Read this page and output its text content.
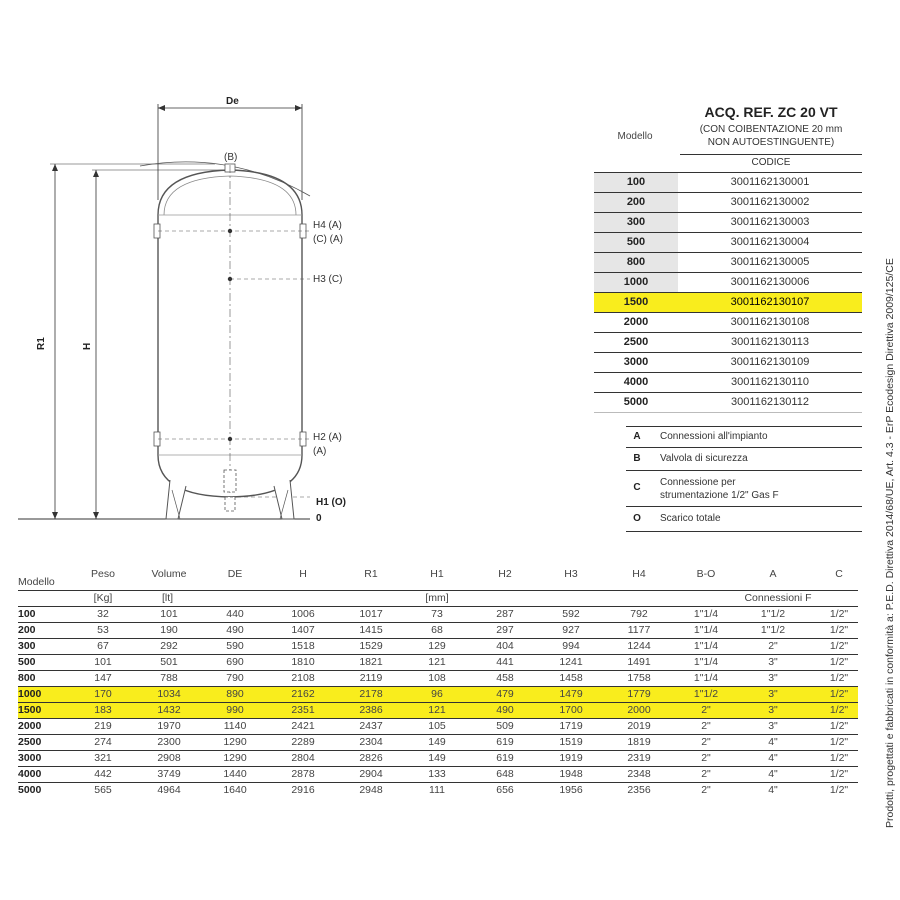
De
R1	H
(B)
H4 (A)
(C) (A)
H3 (C)
H2 (A)
(A)
H1 (O)
0
ACQ. REF. ZC 20 VT
(CON COIBENTAZIONE 20 mm
NON AUTOESTINGUENTE)
Modello
CODICE
100	3001162130001
200	3001162130002
300	3001162130003
500	3001162130004
800	3001162130005
1000	3001162130006
1500	3001162130107
2000	3001162130108
2500	3001162130113
3000	3001162130109
4000	3001162130110
5000	3001162130112
A	Connessioni all'impianto
B	Valvola di sicurezza
C	Connessione per
strumentazione 1/2" Gas F
O	Scarico totale	Prodotti, progettati e fabbricati in conformità a: P.E.D. Direttiva 2014/68/UE, Art. 4.3 - ErP Ecodesign Direttiva 2009/125/CE
Modello
Peso	Volume	DE	H	R1	H1	H2	H3	H4	B-O	A	C
[Kg]	[lt]	[mm]	Connessioni F
100	32	101	440	1006	1017	73	287	592	792	1"1/4	1"1/2	1/2"
200	53	190	490	1407	1415	68	297	927	1177	1"1/4	1"1/2	1/2"
300	67	292	590	1518	1529	129	404	994	1244	1"1/4	2"	1/2"
500	101	501	690	1810	1821	121	441	1241	1491	1"1/4	3"	1/2"
800	147	788	790	2108	2119	108	458	1458	1758	1"1/4	3"	1/2"
1000	170	1034	890	2162	2178	96	479	1479	1779	1"1/2	3"	1/2"
1500	183	1432	990	2351	2386	121	490	1700	2000	2"	3"	1/2"
2000	219	1970	1140	2421	2437	105	509	1719	2019	2"	3"	1/2"
2500	274	2300	1290	2289	2304	149	619	1519	1819	2"	4"	1/2"
3000	321	2908	1290	2804	2826	149	619	1919	2319	2"	4"	1/2"
4000	442	3749	1440	2878	2904	133	648	1948	2348	2"	4"	1/2"
5000	565	4964	1640	2916	2948	111	656	1956	2356	2"	4"	1/2"
